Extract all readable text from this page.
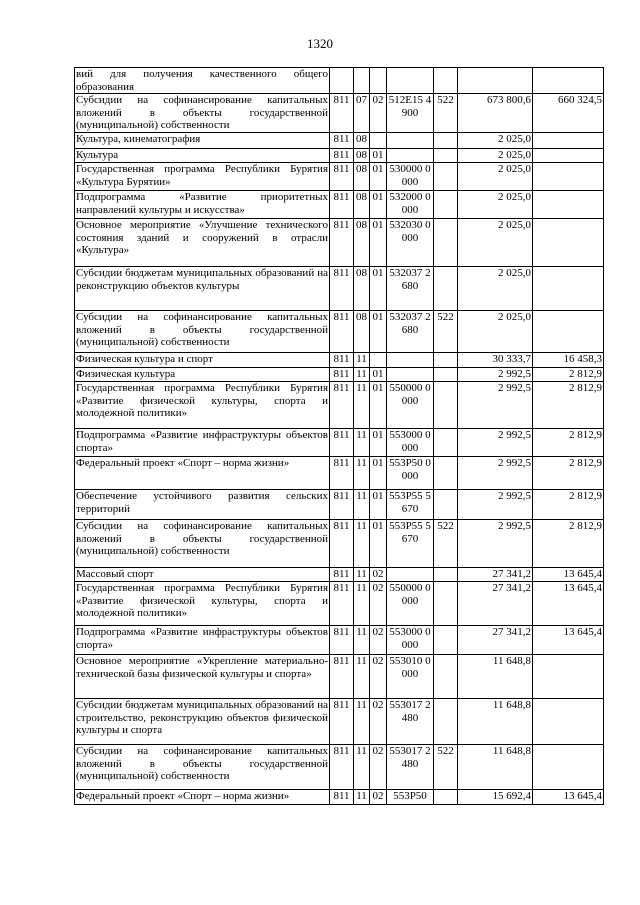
1320
вий для получения качественного общего образования							
Субсидии на софинансирование капитальных вложений в объекты государственной (муниципальной) собственности	811	07	02	512E15 4900	522	673 800,6	660 324,5
Культура, кинематография	811	08				2 025,0	
Культура	811	08	01			2 025,0	
Государственная программа Республики Бурятия «Культура Бурятии»	811	08	01	530000 0000		2 025,0	
Подпрограмма «Развитие приоритетных направлений культуры и искусства»	811	08	01	532000 0000		2 025,0	
Основное мероприятие «Улучшение технического состояния зданий и сооружений в отрасли «Культура»	811	08	01	532030 0000		2 025,0	
Субсидии бюджетам муниципальных образований на реконструкцию объектов культуры	811	08	01	532037 2680		2 025,0	
Субсидии на софинансирование капитальных вложений в объекты государственной (муниципальной) собственности	811	08	01	532037 2680	522	2 025,0	
Физическая культура и спорт	811	11				30 333,7	16 458,3
Физическая культура	811	11	01			2 992,5	2 812,9
Государственная программа Республики Бурятия «Развитие физической культуры, спорта и молодежной политики»	811	11	01	550000 0000		2 992,5	2 812,9
Подпрограмма «Развитие инфраструктуры объектов спорта»	811	11	01	553000 0000		2 992,5	2 812,9
Федеральный проект «Спорт – норма жизни»	811	11	01	553P50 0000		2 992,5	2 812,9
Обеспечение устойчивого развития сельских территорий	811	11	01	553P55 5670		2 992,5	2 812,9
Субсидии на софинансирование капитальных вложений в объекты государственной (муниципальной) собственности	811	11	01	553P55 5670	522	2 992,5	2 812,9
Массовый спорт	811	11	02			27 341,2	13 645,4
Государственная программа Республики Бурятия «Развитие физической культуры, спорта и молодежной политики»	811	11	02	550000 0000		27 341,2	13 645,4
Подпрограмма «Развитие инфраструктуры объектов спорта»	811	11	02	553000 0000		27 341,2	13 645,4
Основное мероприятие «Укрепление материально-технической базы физической культуры и спорта»	811	11	02	553010 0000		11 648,8	
Субсидии бюджетам муниципальных образований на строительство, реконструкцию объектов физической культуры и спорта	811	11	02	553017 2480		11 648,8	
Субсидии на софинансирование капитальных вложений в объекты государственной (муниципальной) собственности	811	11	02	553017 2480	522	11 648,8	
Федеральный проект «Спорт – норма жизни»	811	11	02	553P50		15 692,4	13 645,4
